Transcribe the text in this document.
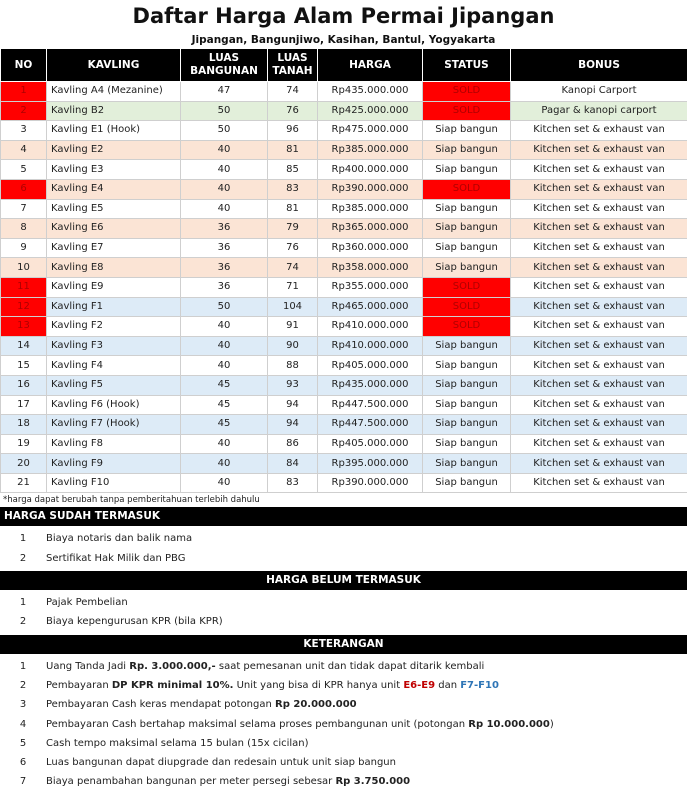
Daftar Harga Alam Permai Jipangan
Jipangan, Bangunjiwo, Kasihan, Bantul, Yogyakarta
NO	KAVLING	LUAS BANGUNAN	LUAS TANAH	HARGA	STATUS	BONUS
1	Kavling A4 (Mezanine)	47	74	Rp435.000.000	SOLD	Kanopi Carport
2	Kavling B2	50	76	Rp425.000.000	SOLD	Pagar & kanopi carport
3	Kavling E1 (Hook)	50	96	Rp475.000.000	Siap bangun	Kitchen set & exhaust van
4	Kavling E2	40	81	Rp385.000.000	Siap bangun	Kitchen set & exhaust van
5	Kavling E3	40	85	Rp400.000.000	Siap bangun	Kitchen set & exhaust van
6	Kavling E4	40	83	Rp390.000.000	SOLD	Kitchen set & exhaust van
7	Kavling E5	40	81	Rp385.000.000	Siap bangun	Kitchen set & exhaust van
8	Kavling E6	36	79	Rp365.000.000	Siap bangun	Kitchen set & exhaust van
9	Kavling E7	36	76	Rp360.000.000	Siap bangun	Kitchen set & exhaust van
10	Kavling E8	36	74	Rp358.000.000	Siap bangun	Kitchen set & exhaust van
11	Kavling E9	36	71	Rp355.000.000	SOLD	Kitchen set & exhaust van
12	Kavling F1	50	104	Rp465.000.000	SOLD	Kitchen set & exhaust van
13	Kavling F2	40	91	Rp410.000.000	SOLD	Kitchen set & exhaust van
14	Kavling F3	40	90	Rp410.000.000	Siap bangun	Kitchen set & exhaust van
15	Kavling F4	40	88	Rp405.000.000	Siap bangun	Kitchen set & exhaust van
16	Kavling F5	45	93	Rp435.000.000	Siap bangun	Kitchen set & exhaust van
17	Kavling F6 (Hook)	45	94	Rp447.500.000	Siap bangun	Kitchen set & exhaust van
18	Kavling F7 (Hook)	45	94	Rp447.500.000	Siap bangun	Kitchen set & exhaust van
19	Kavling F8	40	86	Rp405.000.000	Siap bangun	Kitchen set & exhaust van
20	Kavling F9	40	84	Rp395.000.000	Siap bangun	Kitchen set & exhaust van
21	Kavling F10	40	83	Rp390.000.000	Siap bangun	Kitchen set & exhaust van
*harga dapat berubah tanpa pemberitahuan terlebih dahulu
HARGA SUDAH TERMASUK
1	Biaya notaris dan balik nama
2	Sertifikat Hak Milik dan PBG
HARGA BELUM TERMASUK
1	Pajak Pembelian
2	Biaya kepengurusan KPR (bila KPR)
KETERANGAN
1	Uang Tanda Jadi Rp. 3.000.000,- saat pemesanan unit dan tidak dapat ditarik kembali
2	Pembayaran DP KPR minimal 10%. Unit yang bisa di KPR hanya unit E6-E9 dan F7-F10
3	Pembayaran Cash keras mendapat potongan Rp 20.000.000
4	Pembayaran Cash bertahap maksimal selama proses pembangunan unit (potongan Rp 10.000.000)
5	Cash tempo maksimal selama 15 bulan (15x cicilan)
6	Luas bangunan dapat diupgrade dan redesain untuk unit siap bangun
7	Biaya penambahan bangunan per meter persegi sebesar Rp 3.750.000
